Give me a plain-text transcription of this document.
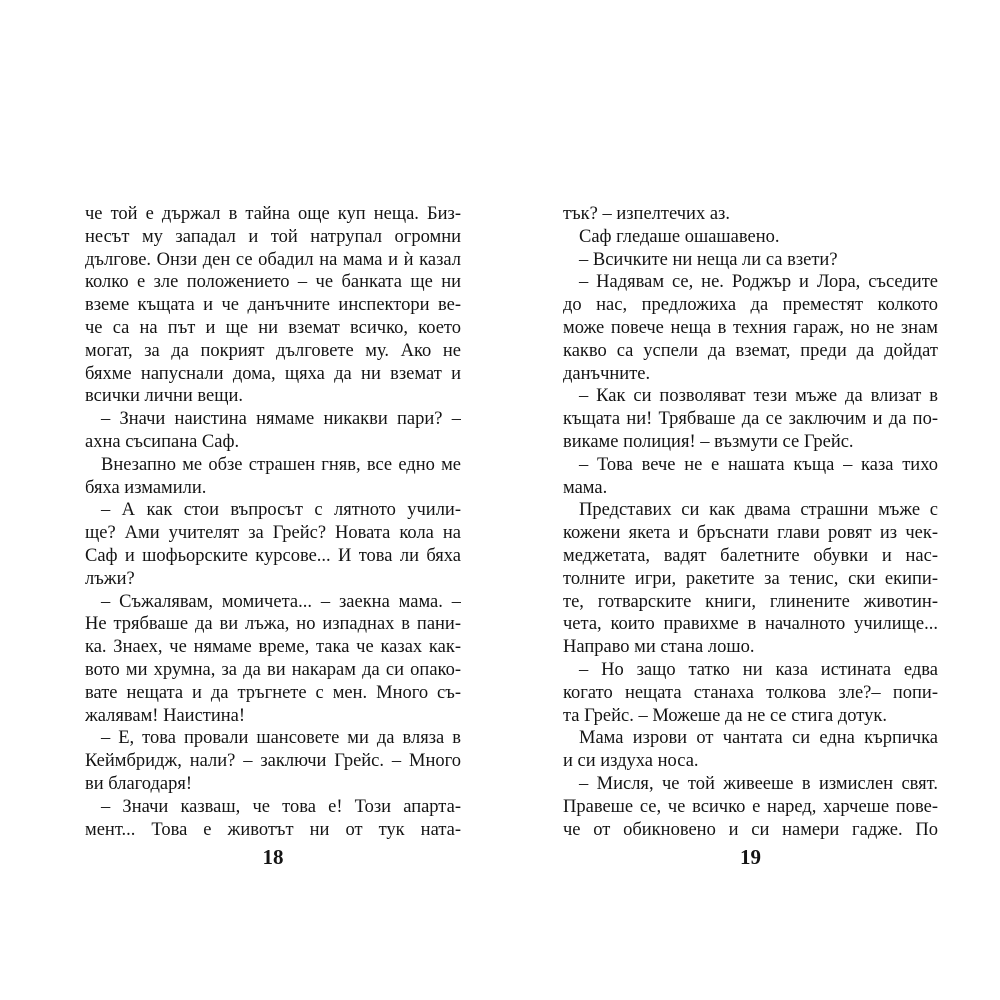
че той е държал в тайна още куп неща. Биз-
несът му западал и той натрупал огромни
дългове. Онзи ден се обадил на мама и ѝ казал
колко е зле положението – че банката ще ни
вземе къщата и че данъчните инспектори ве-
че са на път и ще ни вземат всичко, което
могат, за да покрият дълговете му. Ако не
бяхме напуснали дома, щяха да ни вземат и
всички лични вещи.
– Значи наистина нямаме никакви пари? –
ахна съсипана Саф.
Внезапно ме обзе страшен гняв, все едно ме
бяха измамили.
– А как стои въпросът с лятното учили-
ще? Ами учителят за Грейс? Новата кола на
Саф и шофьорските курсове... И това ли бяха
лъжи?
– Съжалявам, момичета... – заекна мама. –
Не трябваше да ви лъжа, но изпаднах в пани-
ка. Знаех, че нямаме време, така че казах как-
вото ми хрумна, за да ви накарам да си опако-
вате нещата и да тръгнете с мен. Много съ-
жалявам! Наистина!
– Е, това провали шансовете ми да вляза в
Кеймбридж, нали? – заключи Грейс. – Много
ви благодаря!
– Значи казваш, че това е! Този апарта-
мент... Това е животът ни от тук ната-
18
тък? – изпелтечих аз.
Саф гледаше ошашавено.
– Всичките ни неща ли са взети?
– Надявам се, не. Роджър и Лора, съседите
до нас, предложиха да преместят колкото
може повече неща в техния гараж, но не знам
какво са успели да вземат, преди да дойдат
данъчните.
– Как си позволяват тези мъже да влизат в
къщата ни! Трябваше да се заключим и да по-
викаме полиция! – възмути се Грейс.
– Това вече не е нашата къща – каза тихо
мама.
Представих си как двама страшни мъже с
кожени якета и бръснати глави ровят из чек-
меджетата, вадят балетните обувки и нас-
толните игри, ракетите за тенис, ски екипи-
те, готварските книги, глинените животин-
чета, които правихме в началното училище...
Направо ми стана лошо.
– Но защо татко ни каза истината едва
когато нещата станаха толкова зле?– попи-
та Грейс. – Можеше да не се стига дотук.
Мама изрови от чантата си една кърпичка
и си издуха носа.
– Мисля, че той живееше в измислен свят.
Правеше се, че всичко е наред, харчеше пове-
че от обикновено и си намери гадже. По
19
